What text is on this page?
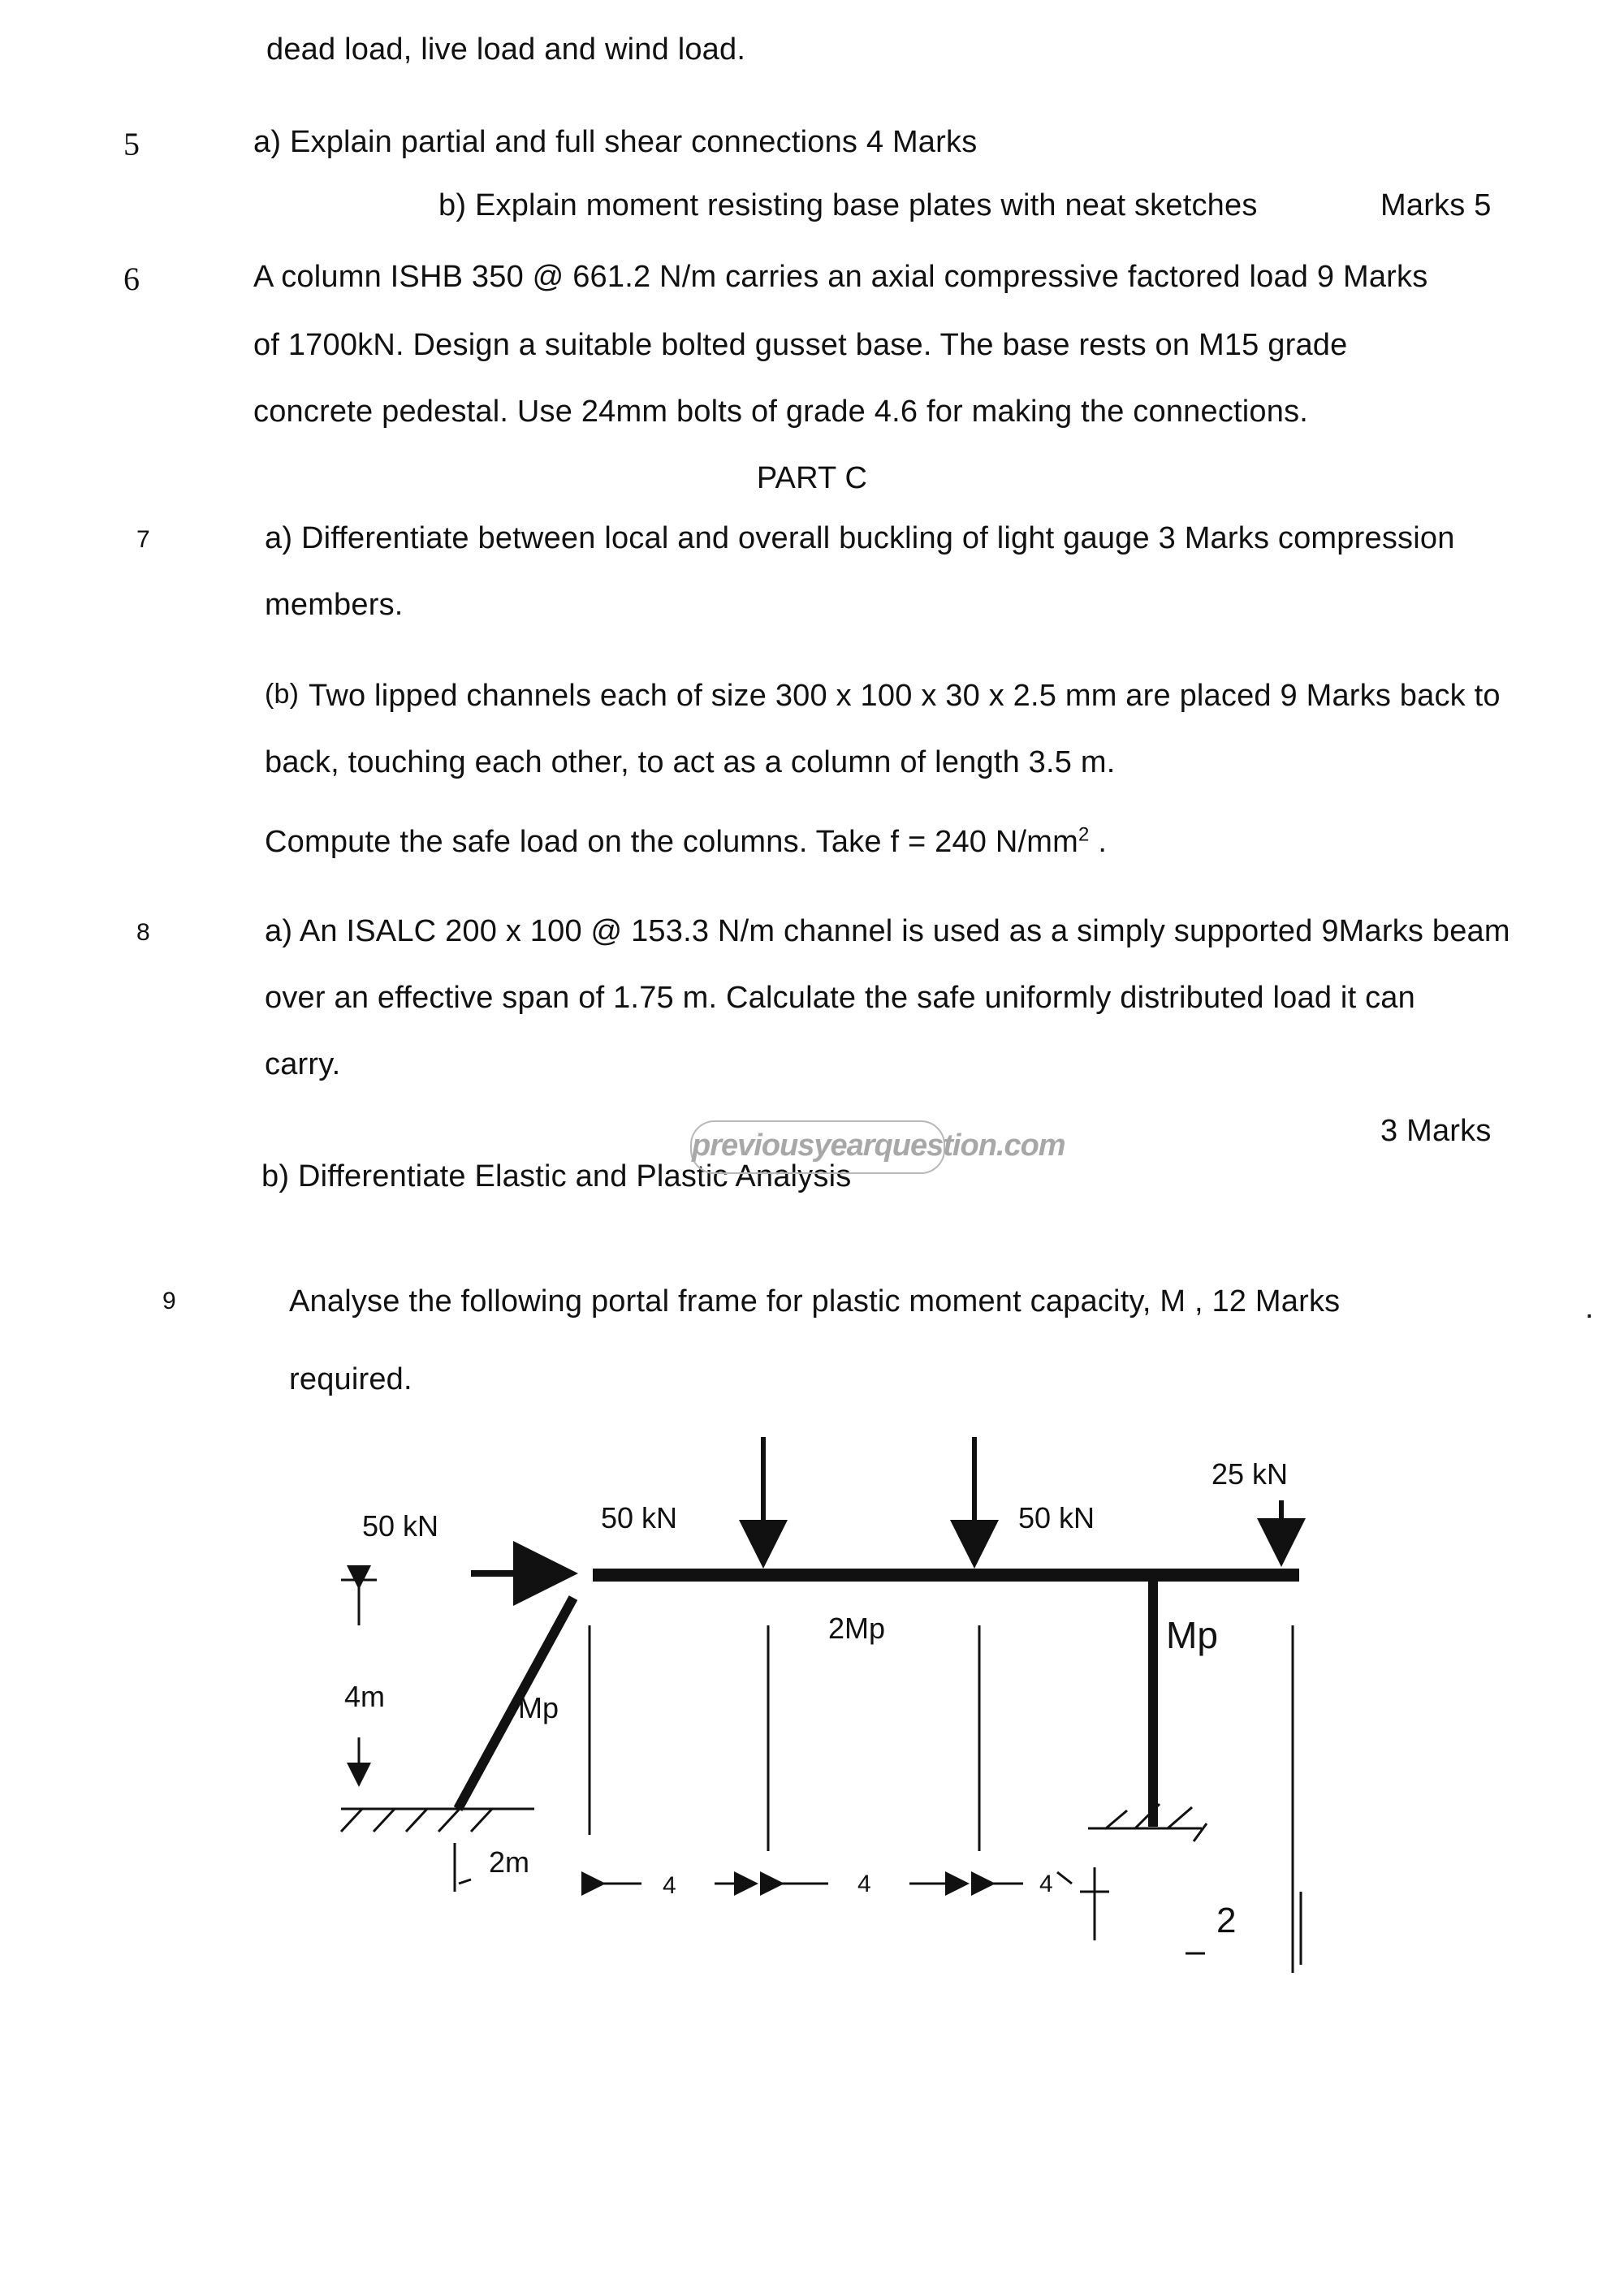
dead load, live load and wind load.
5	a) Explain partial and full shear connections 4 Marks
b) Explain moment resisting base plates with neat sketches	Marks 5
6	A column ISHB 350 @ 661.2 N/m carries an axial compressive factored load 9 Marks
of 1700kN. Design a suitable bolted gusset base. The base rests on M15 grade
concrete pedestal. Use 24mm bolts of grade 4.6 for making the connections.
PART C
7	a) Differentiate between local and overall buckling of light gauge 3 Marks compression
members.
(b) Two lipped channels each of size 300 x 100 x 30 x 2.5 mm are placed 9 Marks back to
back, touching each other, to act as a column of length 3.5 m.
Compute the safe load on the columns. Take f = 240 $N/mm^2$ .
8	a) An ISALC 200 x 100 @ 153.3 N/m channel is used as a simply supported 9Marks beam
over an effective span of 1.75 m. Calculate the safe uniformly distributed load it can
carry.
3 Marks
b) Differentiate Elastic and Plastic Analysis
previousyearquestion.com
9	Analyse the following portal frame for plastic moment capacity, M , 12 Marks
required.
.
50 kN	50 kN	50 kN
25 kN
2Mp	Mp
Mp
4m
2m
4	4	4
2
